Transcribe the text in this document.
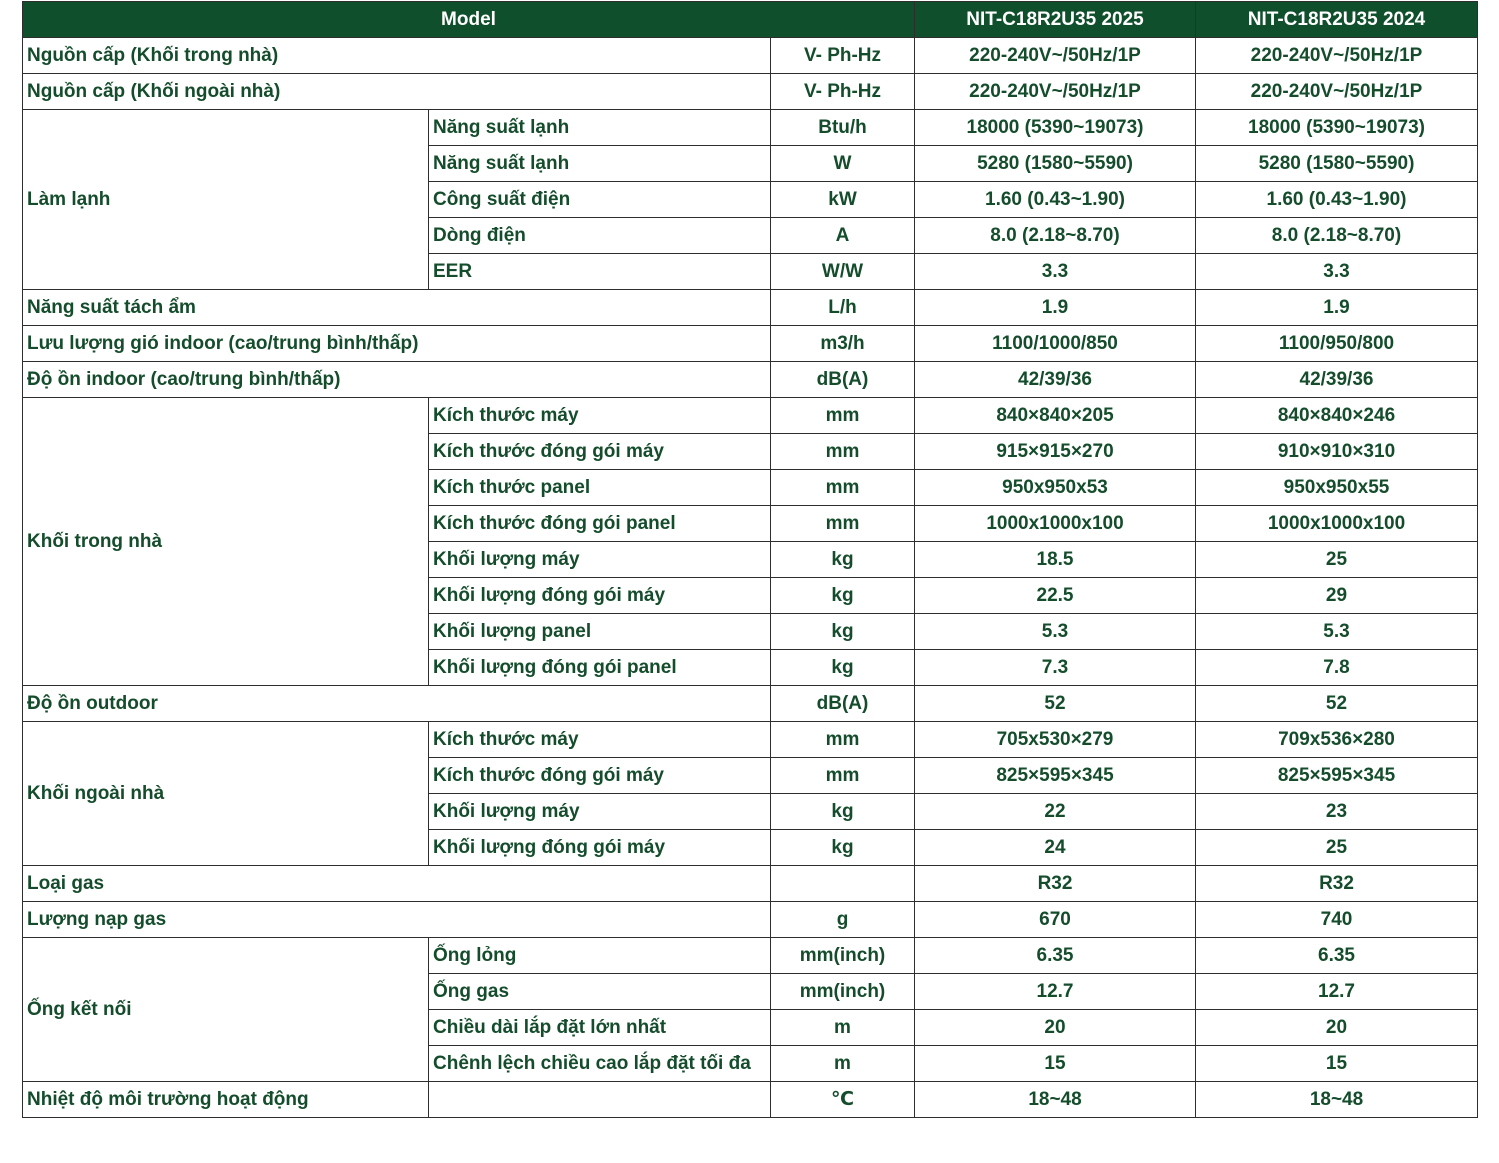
Model			NIT-C18R2U35 2025	NIT-C18R2U35 2024
Nguồn cấp (Khối trong nhà)		V- Ph-Hz	220-240V~/50Hz/1P	220-240V~/50Hz/1P
Nguồn cấp (Khối ngoài nhà)		V- Ph-Hz	220-240V~/50Hz/1P	220-240V~/50Hz/1P
Làm lạnh	Năng suất lạnh	Btu/h	18000 (5390~19073)	18000 (5390~19073)
	Năng suất lạnh	W	5280 (1580~5590)	5280 (1580~5590)
	Công suất điện	kW	1.60 (0.43~1.90)	1.60 (0.43~1.90)
	Dòng điện	A	8.0 (2.18~8.70)	8.0 (2.18~8.70)
	EER	W/W	3.3	3.3
Năng suất tách ẩm		L/h	1.9	1.9
Lưu lượng gió indoor (cao/trung bình/thấp)		m3/h	1100/1000/850	1100/950/800
Độ ồn indoor (cao/trung bình/thấp)		dB(A)	42/39/36	42/39/36
Khối trong nhà	Kích thước máy	mm	840×840×205	840×840×246
	Kích thước đóng gói máy	mm	915×915×270	910×910×310
	Kích thước panel	mm	950x950x53	950x950x55
	Kích thước đóng gói panel	mm	1000x1000x100	1000x1000x100
	Khối lượng máy	kg	18.5	25
	Khối lượng đóng gói máy	kg	22.5	29
	Khối lượng panel	kg	5.3	5.3
	Khối lượng đóng gói panel	kg	7.3	7.8
Độ ồn outdoor		dB(A)	52	52
Khối ngoài nhà	Kích thước máy	mm	705x530×279	709x536×280
	Kích thước đóng gói máy	mm	825×595×345	825×595×345
	Khối lượng máy	kg	22	23
	Khối lượng đóng gói máy	kg	24	25
Loại gas			R32	R32
Lượng nạp gas		g	670	740
Ống kết nối	Ống lỏng	mm(inch)	6.35	6.35
	Ống gas	mm(inch)	12.7	12.7
	Chiều dài lắp đặt lớn nhất	m	20	20
	Chênh lệch chiều cao lắp đặt tối đa	m	15	15
Nhiệt độ môi trường hoạt động		℃	18~48	18~48
